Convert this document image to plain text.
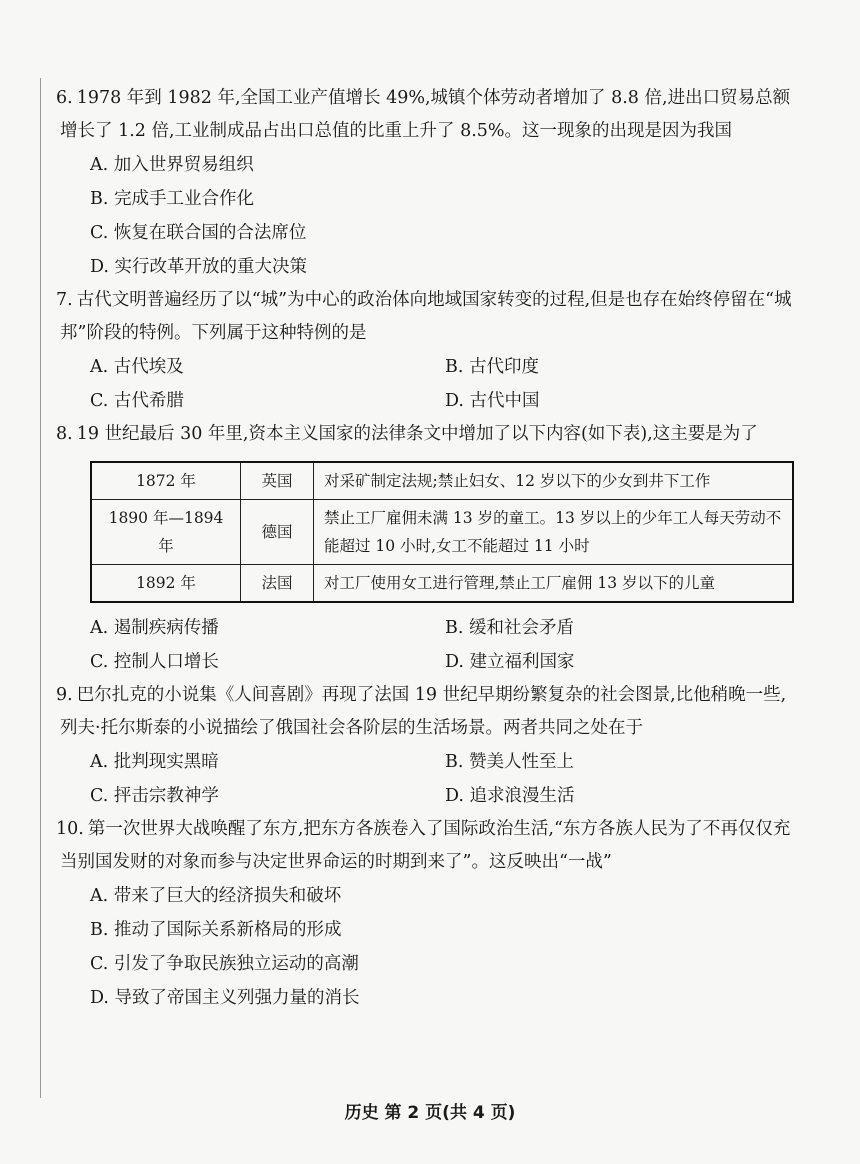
6. 1978 年到 1982 年,全国工业产值增长 49%,城镇个体劳动者增加了 8.8 倍,进出口贸易总额增长了 1.2 倍,工业制成品占出口总值的比重上升了 8.5%。这一现象的出现是因为我国

A. 加入世界贸易组织

B. 完成手工业合作化

C. 恢复在联合国的合法席位

D. 实行改革开放的重大决策

7. 古代文明普遍经历了以“城”为中心的政治体向地域国家转变的过程,但是也存在始终停留在“城邦”阶段的特例。下列属于这种特例的是

A. 古代埃及	B. 古代印度
C. 古代希腊	D. 古代中国

8. 19 世纪最后 30 年里,资本主义国家的法律条文中增加了以下内容(如下表),这主要是为了

1872 年	英国	对采矿制定法规;禁止妇女、12 岁以下的少女到井下工作
1890 年—1894 年	德国	禁止工厂雇佣未满 13 岁的童工。13 岁以上的少年工人每天劳动不能超过 10 小时,女工不能超过 11 小时
1892 年	法国	对工厂使用女工进行管理,禁止工厂雇佣 13 岁以下的儿童
A. 遏制疾病传播	B. 缓和社会矛盾
C. 控制人口增长	D. 建立福利国家

9. 巴尔扎克的小说集《人间喜剧》再现了法国 19 世纪早期纷繁复杂的社会图景,比他稍晚一些,列夫·托尔斯泰的小说描绘了俄国社会各阶层的生活场景。两者共同之处在于

A. 批判现实黑暗	B. 赞美人性至上
C. 抨击宗教神学	D. 追求浪漫生活

10. 第一次世界大战唤醒了东方,把东方各族卷入了国际政治生活,“东方各族人民为了不再仅仅充当别国发财的对象而参与决定世界命运的时期到来了”。这反映出“一战”

A. 带来了巨大的经济损失和破坏

B. 推动了国际关系新格局的形成

C. 引发了争取民族独立运动的高潮

D. 导致了帝国主义列强力量的消长

历史 第 2 页(共 4 页)
